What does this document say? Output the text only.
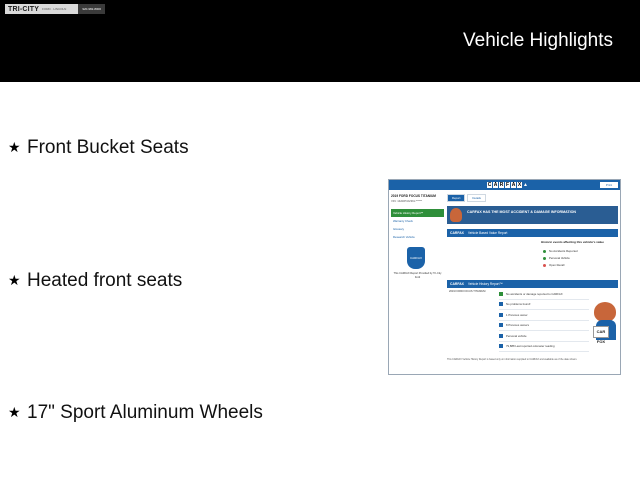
TRI-CITY FORD · LINCOLN	920-982-8000
Vehicle Highlights
★ Front Bucket Seats
★ Heated front seats
★ 17" Sport Aluminum Wheels
C A R F A X ▲	Print
2019 FORD FOCUS TITANIUM
VIN: 1FADP3J23KL******
Vehicle History Report™
Warranty Check
Glossary
Research Vehicle
CARFAX
This CARFAX Report Provided by Tri-City Ford
Report	Details
CARFAX HAS THE MOST ACCIDENT & DAMAGE INFORMATION
CARFAX	Vehicle Based Value Report
Historic events affecting this vehicle's value
No Accidents Reported
Personal Vehicle
Open Recall
CARFAX	Vehicle History Report™
2019 FORD FOCUS TITANIUM
No accidents or damage reported to CARFAX
No problems found!
1 Previous owner
8 Previous owners
Personal vehicle
79,888 Last reported odometer reading
CAR FOX
This CARFAX Vehicle History Report is based only on information supplied to CARFAX and available as of the date shown.
